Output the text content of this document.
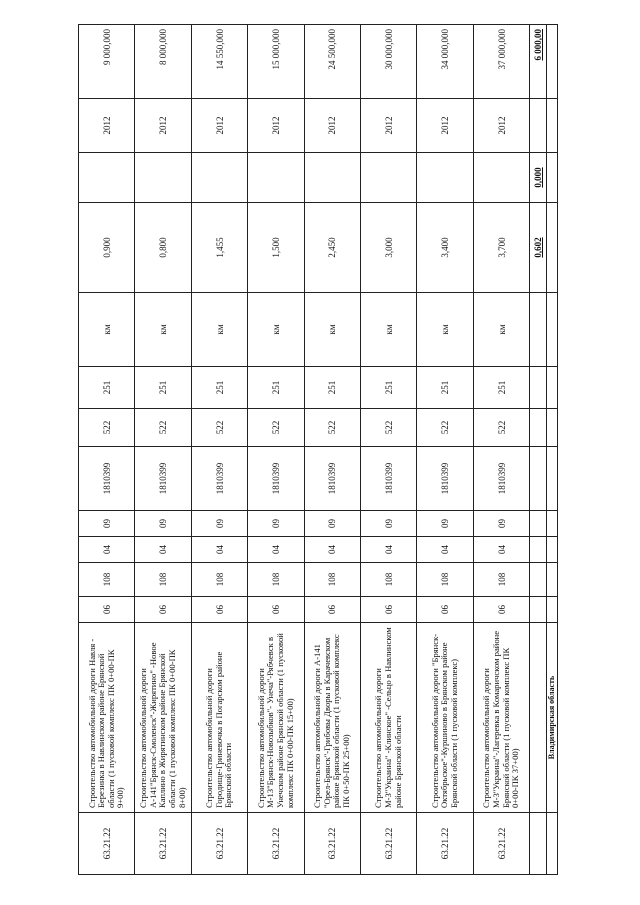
63.21.22	Строительство автомобильной дороги Навля - Березинка в Навлинском районе Брянской области (1 пусковой комплекс ПК 0+00-ПК 9+00)	06	108	04	09	1810399	522	251	км	0,900		2012	9 000,000
63.21.22	Строительство автомобильной дороги А-141"Брянск-Смоленск"-Жирятино" -Новое Каплино в Жирятинском районе Брянской области (1 пусковой комплекс ПК 0+00-ПК 8+00)	06	108	04	09	1810399	522	251	км	0,800		2012	8 000,000
63.21.22	Строительство автомобильной дороги Городище-Гриневочка в Погарском районе Брянской области	06	108	04	09	1810399	522	251	км	1,455		2012	14 550,000
63.21.22	Строительство автомобильной дороги М-13"Брянск-Новозыбков"- Унеча"-Рябчевск в Унечском районе Брянской области (1 пусковой комплекс ПК 0+00-ПК 15+00)	06	108	04	09	1810399	522	251	км	1,500		2012	15 000,000
63.21.22	Строительство автомобильной дороги А-141 "Орел-Брянск"-Грибовы Дворы в Карачевском районе Брянской области (1 пусковой комплекс ПК 0+50-ПК 25+00)	06	108	04	09	1810399	522	251	км	2,450		2012	24 500,000
63.21.22	Строительство автомобильной дороги М-3"Украина" -Клинское" -Сельцо в Навлинском районе Брянской области	06	108	04	09	1810399	522	251	км	3,000		2012	30 000,000
63.21.22	Строительство автомобильной дороги "Брянск-Октябрьское"-Куршиново в Брянском районе Брянской области (1 пусковой комплекс)	06	108	04	09	1810399	522	251	км	3,400		2012	34 000,000
63.21.22	Строительство автомобильной дороги М-3"Украина"-Лагеревка в Комаричском районе Брянской области (1 пусковой комплекс ПК 0+00-ПК 37+00)	06	108	04	09	1810399	522	251	км	3,700		2012	37 000,000
										0,602	0,000		6 000,00
	Владимирская область												
